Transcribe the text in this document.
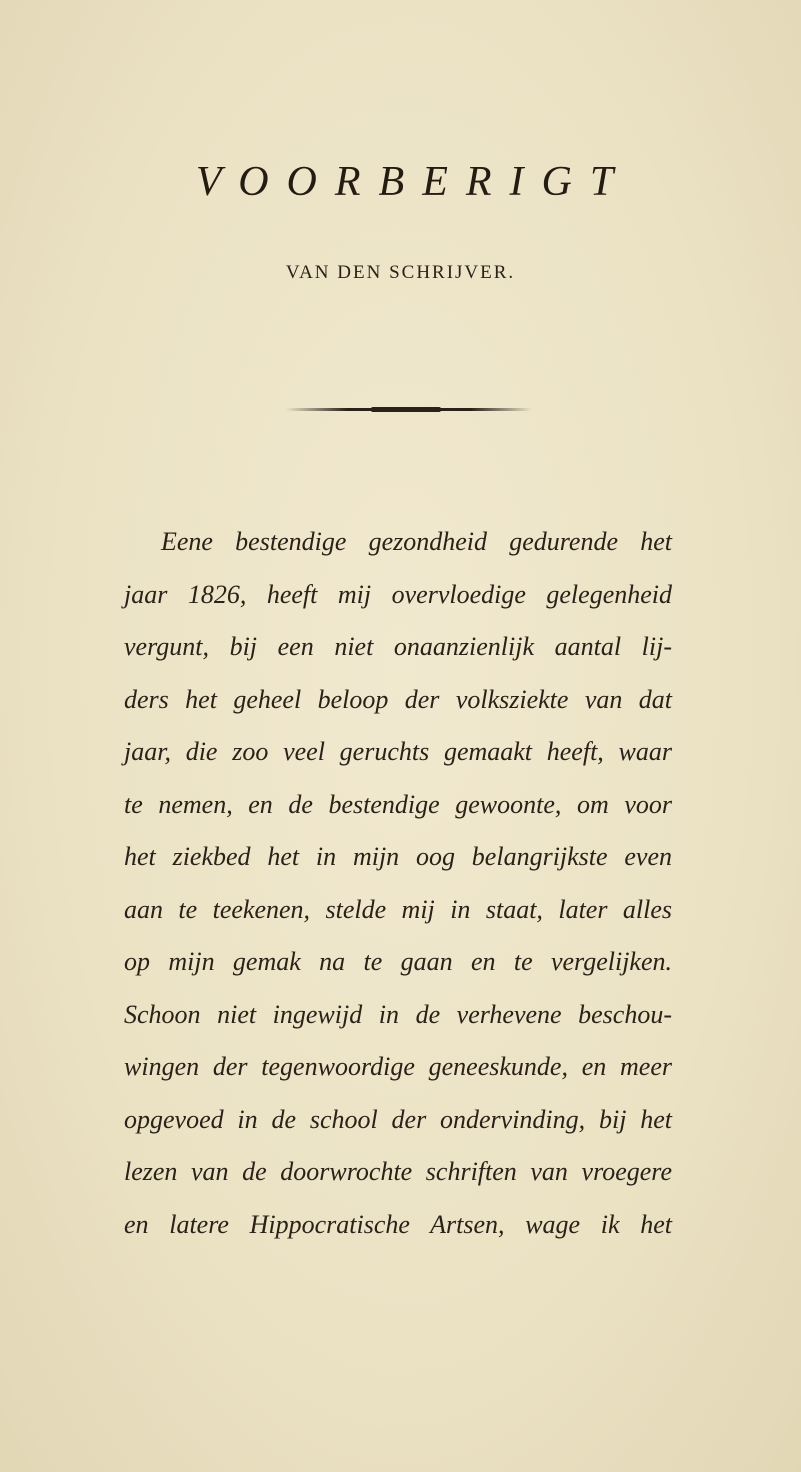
VOORBERIGT
VAN DEN SCHRIJVER.
Eene bestendige gezondheid gedurende het
jaar 1826, heeft mij overvloedige gelegenheid
vergunt, bij een niet onaanzienlijk aantal lij-
ders het geheel beloop der volksziekte van dat
jaar, die zoo veel geruchts gemaakt heeft, waar
te nemen, en de bestendige gewoonte, om voor
het ziekbed het in mijn oog belangrijkste even
aan te teekenen, stelde mij in staat, later alles
op mijn gemak na te gaan en te vergelijken.
Schoon niet ingewijd in de verhevene beschou-
wingen der tegenwoordige geneeskunde, en meer
opgevoed in de school der ondervinding, bij het
lezen van de doorwrochte schriften van vroegere
en latere Hippocratische Artsen, wage ik het
